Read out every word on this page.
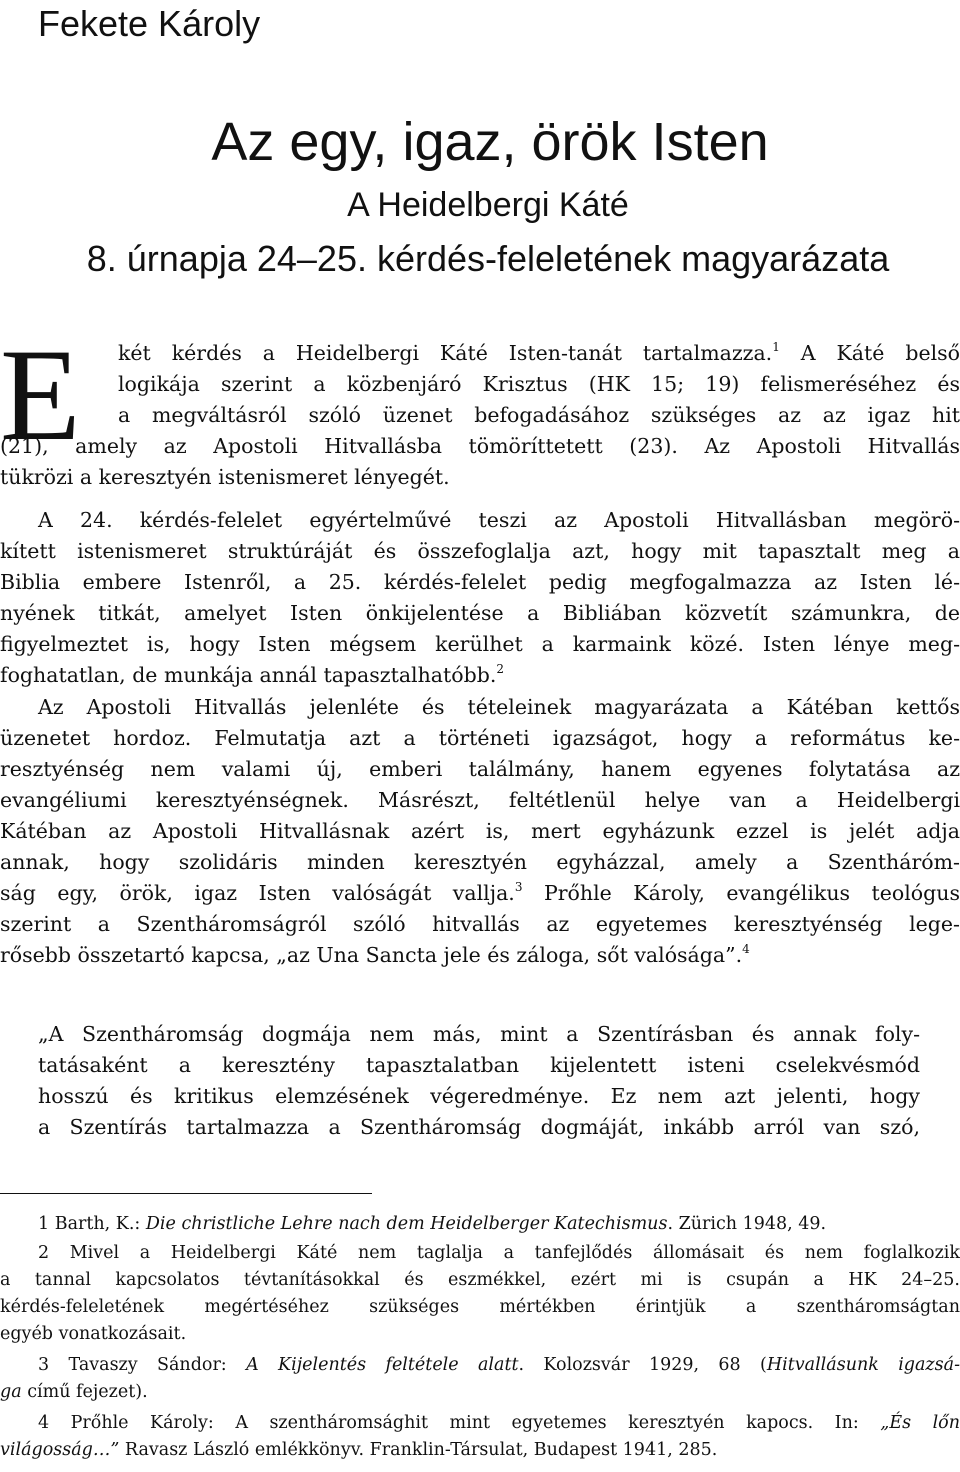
Fekete Károly
Az egy, igaz, örök Isten
A Heidelbergi Káté
8. úrnapja 24–25. kérdés-feleletének magyarázata
E két kérdés a Heidelbergi Káté Isten-tanát tartalmazza.$^1$ A Káté belső
logikája szerint a közbenjáró Krisztus (HK 15; 19) felismeréséhez és
a megváltásról szóló üzenet befogadásához szükséges az az igaz hit
(21), amely az Apostoli Hitvallásba tömöríttetett (23). Az Apostoli Hitvallás
tükrözi a keresztyén istenismeret lényegét.
A 24. kérdés-felelet egyértelművé teszi az Apostoli Hitvallásban megörö-
kített istenismeret struktúráját és összefoglalja azt, hogy mit tapasztalt meg a
Biblia embere Istenről, a 25. kérdés-felelet pedig megfogalmazza az Isten lé-
nyének titkát, amelyet Isten önkijelentése a Bibliában közvetít számunkra, de
figyelmeztet is, hogy Isten mégsem kerülhet a karmaink közé. Isten lénye meg-
foghatatlan, de munkája annál tapasztalhatóbb.$^2$
Az Apostoli Hitvallás jelenléte és tételeinek magyarázata a Kátéban kettős
üzenetet hordoz. Felmutatja azt a történeti igazságot, hogy a református ke-
resztyénség nem valami új, emberi találmány, hanem egyenes folytatása az
evangéliumi keresztyénségnek. Másrészt, feltétlenül helye van a Heidelbergi
Kátéban az Apostoli Hitvallásnak azért is, mert egyházunk ezzel is jelét adja
annak, hogy szolidáris minden keresztyén egyházzal, amely a Szentháróm-
ság egy, örök, igaz Isten valóságát vallja.$^3$ Prőhle Károly, evangélikus teológus
szerint a Szentháromságról szóló hitvallás az egyetemes keresztyénség lege-
rősebb összetartó kapcsa, „az Una Sancta jele és záloga, sőt valósága”.$^4$
„A Szentháromság dogmája nem más, mint a Szentírásban és annak foly-
tatásaként a keresztény tapasztalatban kijelentett isteni cselekvésmód
hosszú és kritikus elemzésének végeredménye. Ez nem azt jelenti, hogy
a Szentírás tartalmazza a Szentháromság dogmáját, inkább arról van szó,
1 Barth, K.: Die christliche Lehre nach dem Heidelberger Katechismus. Zürich 1948, 49.
2 Mivel a Heidelbergi Káté nem taglalja a tanfejlődés állomásait és nem foglalkozik
a tannal kapcsolatos tévtanításokkal és eszmékkel, ezért mi is csupán a HK 24–25.
kérdés-feleletének megértéséhez szükséges mértékben érintjük a szentháromságtan
egyéb vonatkozásait.
3 Tavaszy Sándor: A Kijelentés feltétele alatt. Kolozsvár 1929, 68 (Hitvallásunk igazsá-
ga című fejezet).
4 Prőhle Károly: A szentháromsághit mint egyetemes keresztyén kapocs. In: „És lőn
világosság…” Ravasz László emlékkönyv. Franklin-Társulat, Budapest 1941, 285.
